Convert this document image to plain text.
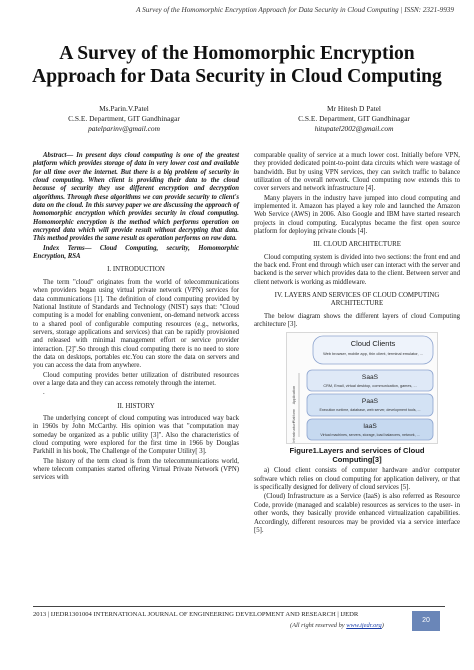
A Survey of the Homomorphic Encryption Approach for Data Security in Cloud Computing | ISSN: 2321-9939
A Survey of the Homomorphic Encryption
Approach for Data Security in Cloud Computing
Ms.Parin.V.Patel
C.S.E. Department, GIT Gandhinagar
patelparinv@gmail.com
Mr Hitesh D Patel
C.S.E. Department, GIT Gandhinagar
hitupatel2002@gmail.com

Abstract— In present days cloud computing is one of the greatest platform which provides storage of data in very lower cost and available for all time over the internet. But there is a big problem of security in cloud computing. When client is providing their data to the cloud because of security they use different encryption and decryption algorithms. Through these algorithms we can provide security to client's data on the cloud. In this survey paper we are discussing the approach of homomorphic encryption which provides security in cloud computing. Homomorphic encryption is the method which performs operation on encrypted data which will provide result without decrypting that data. This method provides the same result as operation performs on raw data.

Index Terms— Cloud Computing, security, Homomorphic Encryption, RSA

I. INTRODUCTION

The term "cloud" originates from the world of telecommunications when providers began using virtual private network (VPN) services for data communications [1]. The definition of cloud computing provided by National Institute of Standards and Technology (NIST) says that: "Cloud computing is a model for enabling convenient, on-demand network access to a shared pool of configurable computing resources (e.g., networks, servers, storage applications and services) that can be rapidly provisioned and released with minimal management effort or service provider interaction. [2]".So through this cloud computing there is no need to store the data on desktops, portables etc.You can store the data on servers and you can access the data from anywhere.

Cloud computing provides better utilization of distributed resources over a large data and they can access remotely through the internet.

.

II. HISTORY

The underlying concept of cloud computing was introduced way back in 1960s by John McCarthy. His opinion was that "computation may someday be organized as a public utility [3]". Also the characteristics of cloud computing were explored for the first time in 1966 by Douglas Parkhill in his book, The Challenge of the Computer Utility[ 3].

The history of the term cloud is from the telecommunications world, where telecom companies started offering Virtual Private Network (VPN) services with

comparable quality of service at a much lower cost. Initially before VPN, they provided dedicated point-to-point data circuits which were wastage of bandwidth. But by using VPN services, they can switch traffic to balance utilization of the overall network. Cloud computing now extends this to cover servers and network infrastructure [4].

Many players in the industry have jumped into cloud computing and implemented it. Amazon has played a key role and launched the Amazon Web Service (AWS) in 2006. Also Google and IBM have started research projects in cloud computing. Eucalyptus became the first open source platform for deploying private clouds [4].

III. CLOUD ARCHITECTURE

Cloud computing system is divided into two sections: the front end and the back end. Front end through which user can interact with the server and backend is the server which provides data to the client. Between server and client network is working as middleware.

IV. LAYERS AND SERVICES OF CLOUD COMPUTING
ARCHITECTURE

The below diagram shows the different layers of cloud Computing architecture [3].

Application
Platform
Infrastructure
Cloud Clients
Web browser, mobile app, thin client, terminal emulator, ...
SaaS
CRM, Email, virtual desktop, communication, games, ...
PaaS
Execution runtime, database, web server, development tools, ...
IaaS
Virtual machines, servers, storage, load balancers, network, ...
Figure1.Layers and services of Cloud
Computing[3]

a) Cloud client consists of computer hardware and/or computer software which relies on cloud computing for application delivery, or that is specifically designed for delivery of cloud services [5].

(Cloud) Infrastructure as a Service (IaaS) is also referred as Resource Code, provide (managed and scalable) resources as services to the user- in other words, they basically provide enhanced virtualization capabilities. Accordingly, different resources may be provided via a service interface [5].

2013 | IJEDR1301004 INTERNATIONAL JOURNAL OF ENGINEERING DEVELOPMENT AND RESEARCH | IJEDR
(All right reserved by www.ijedr.org)
20
